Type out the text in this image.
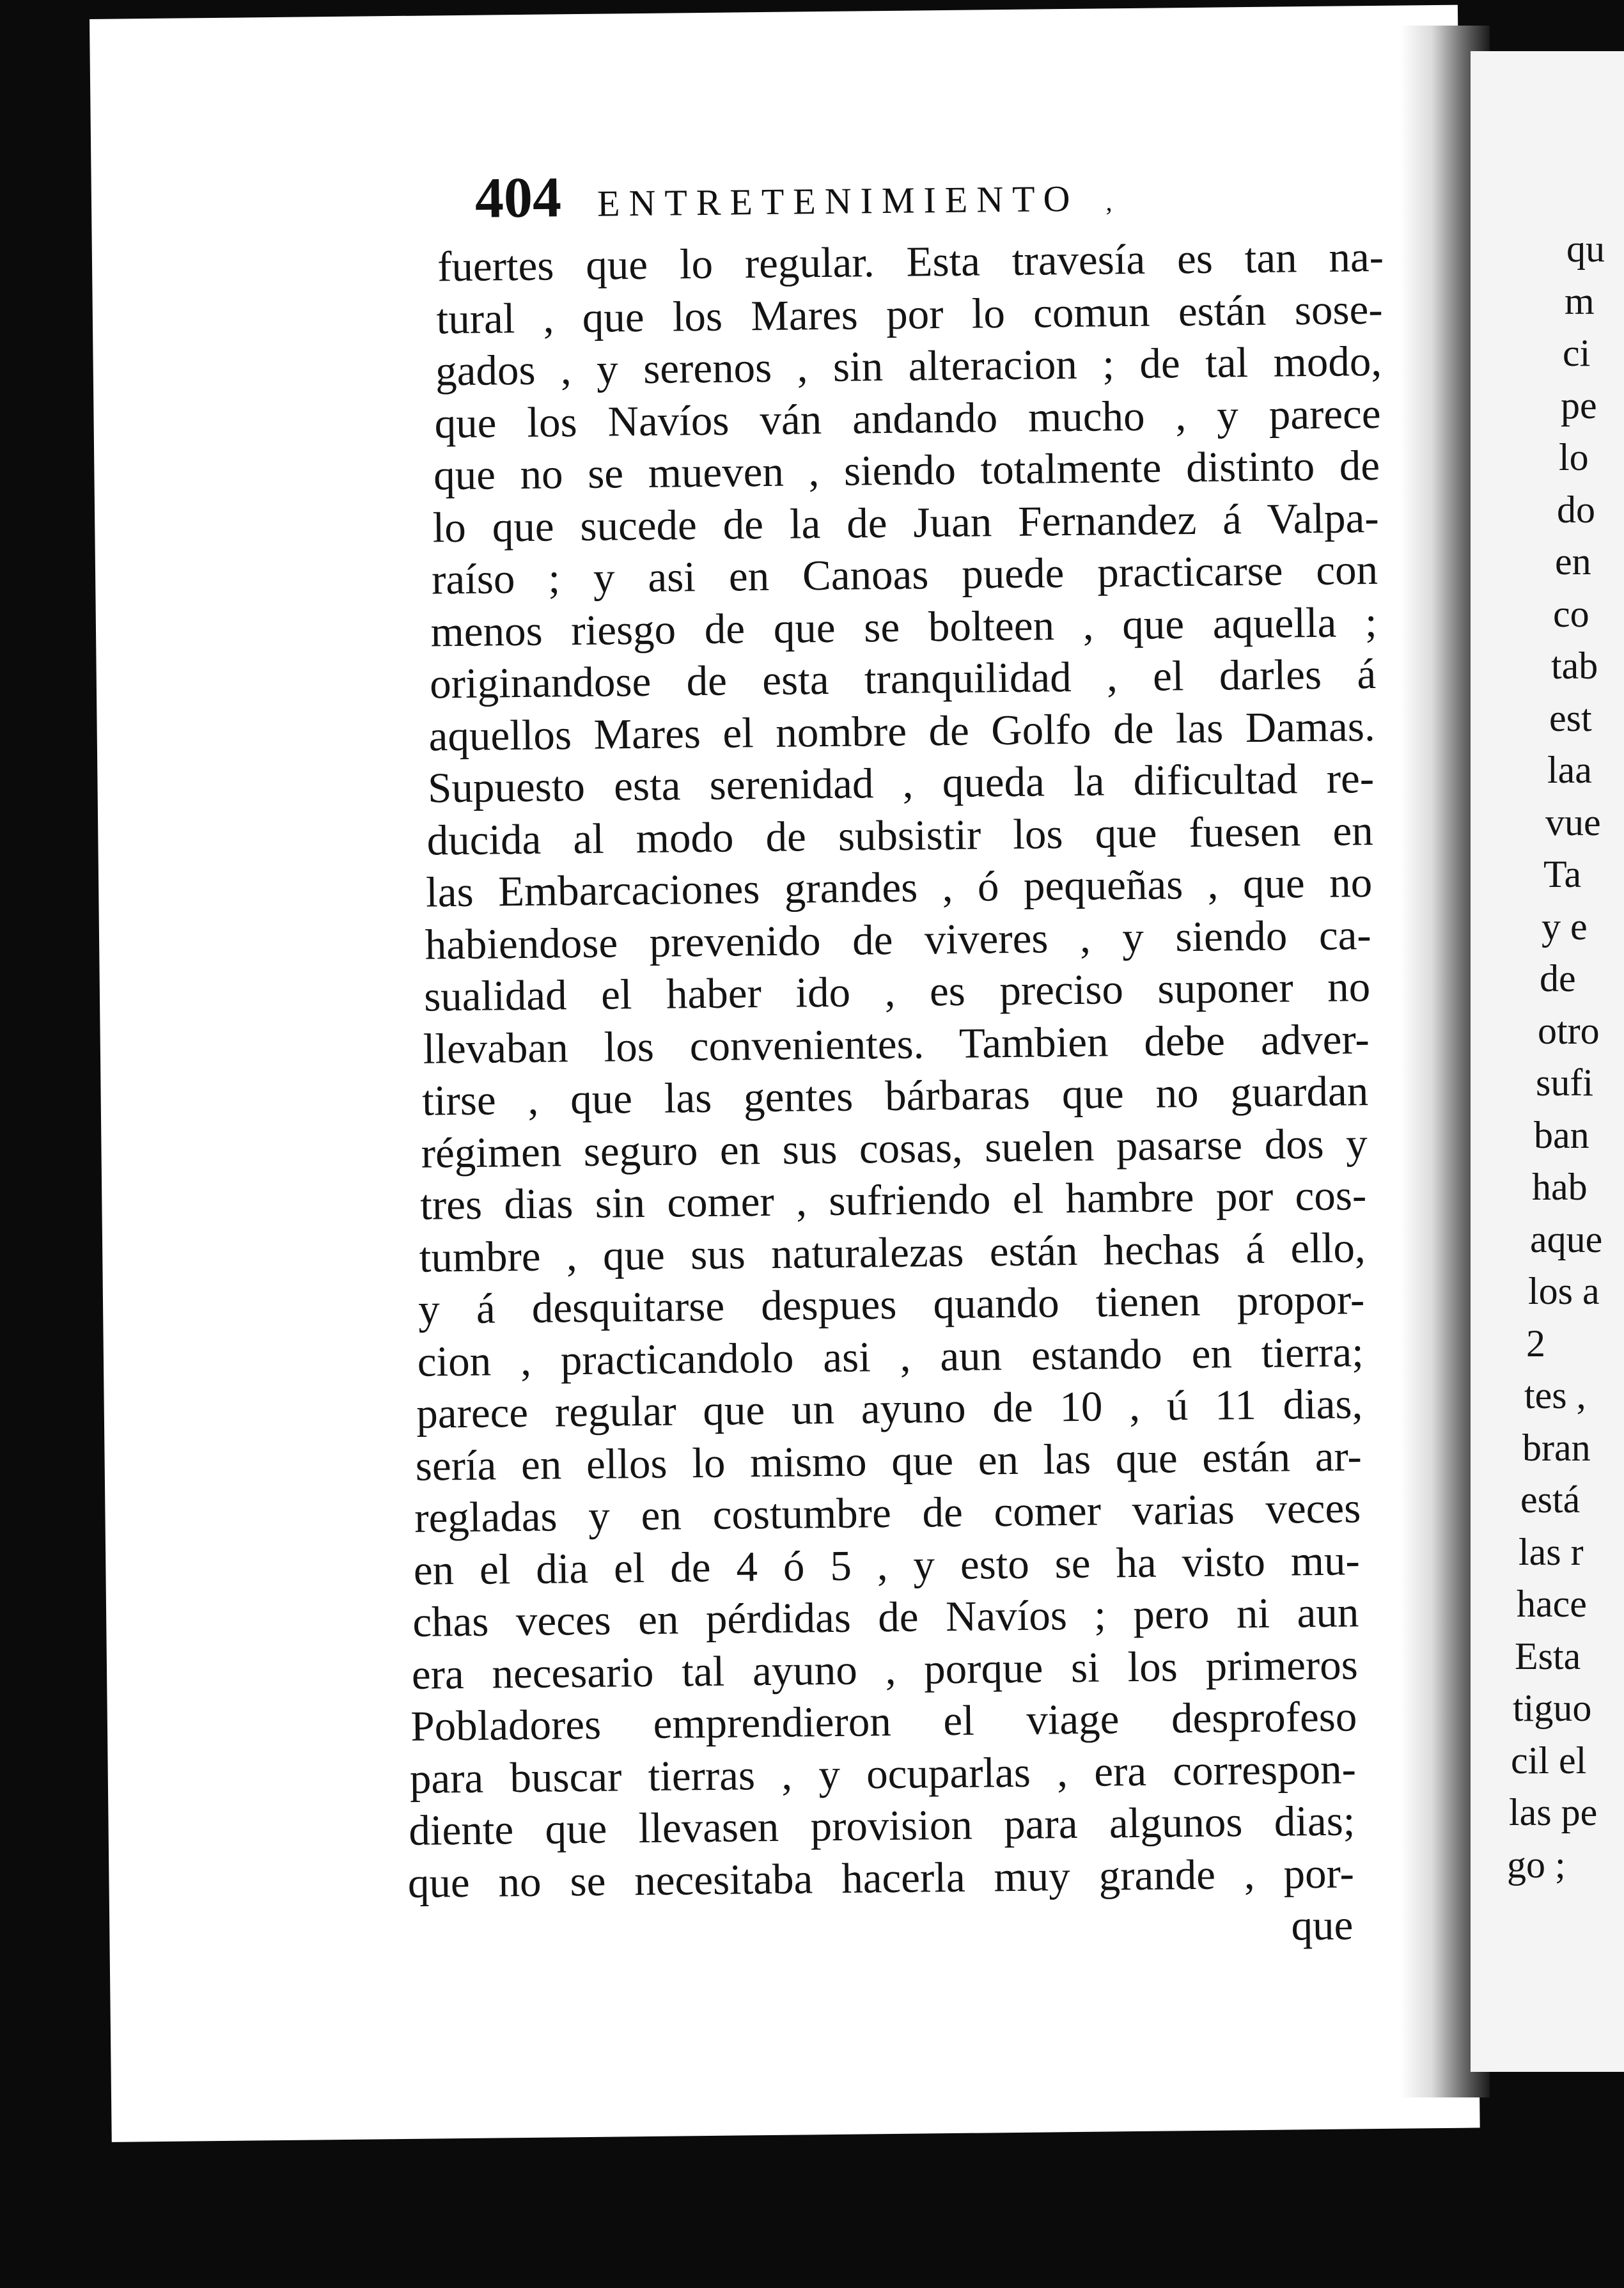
404 ENTRETENIMIENTO ‚
fuertes que lo regular. Esta travesía es tan na-
tural , que los Mares por lo comun están sose-
gados , y serenos , sin alteracion ; de tal modo,
que los Navíos ván andando mucho , y parece
que no se mueven , siendo totalmente distinto de
lo que sucede de la de Juan Fernandez á Valpa-
raíso ; y asi en Canoas puede practicarse con
menos riesgo de que se bolteen , que aquella ;
originandose de esta tranquilidad , el darles á
aquellos Mares el nombre de Golfo de las Damas.
Supuesto esta serenidad , queda la dificultad re-
ducida al modo de subsistir los que fuesen en
las Embarcaciones grandes , ó pequeñas , que no
habiendose prevenido de viveres , y siendo ca-
sualidad el haber ido , es preciso suponer no
llevaban los convenientes. Tambien debe adver-
tirse , que las gentes bárbaras que no guardan
régimen seguro en sus cosas, suelen pasarse dos y
tres dias sin comer , sufriendo el hambre por cos-
tumbre , que sus naturalezas están hechas á ello,
y á desquitarse despues quando tienen propor-
cion , practicandolo asi , aun estando en tierra;
parece regular que un ayuno de 10 , ú 11 dias,
sería en ellos lo mismo que en las que están ar-
regladas y en costumbre de comer varias veces
en el dia el de 4 ó 5 , y esto se ha visto mu-
chas veces en pérdidas de Navíos ; pero ni aun
era necesario tal ayuno , porque si los primeros
Pobladores emprendieron el viage desprofeso
para buscar tierras , y ocuparlas , era correspon-
diente que llevasen provision para algunos dias;
que no se necesitaba hacerla muy grande , por-
que
qu
m
ci
pe
lo
do
en
co
tab
est
laa
vue
Ta
y e
de
otro
sufi
ban
hab
aque
los a
2
tes ,
bran
está
las r
hace
Esta
tiguo
cil el
las pe
go ;
